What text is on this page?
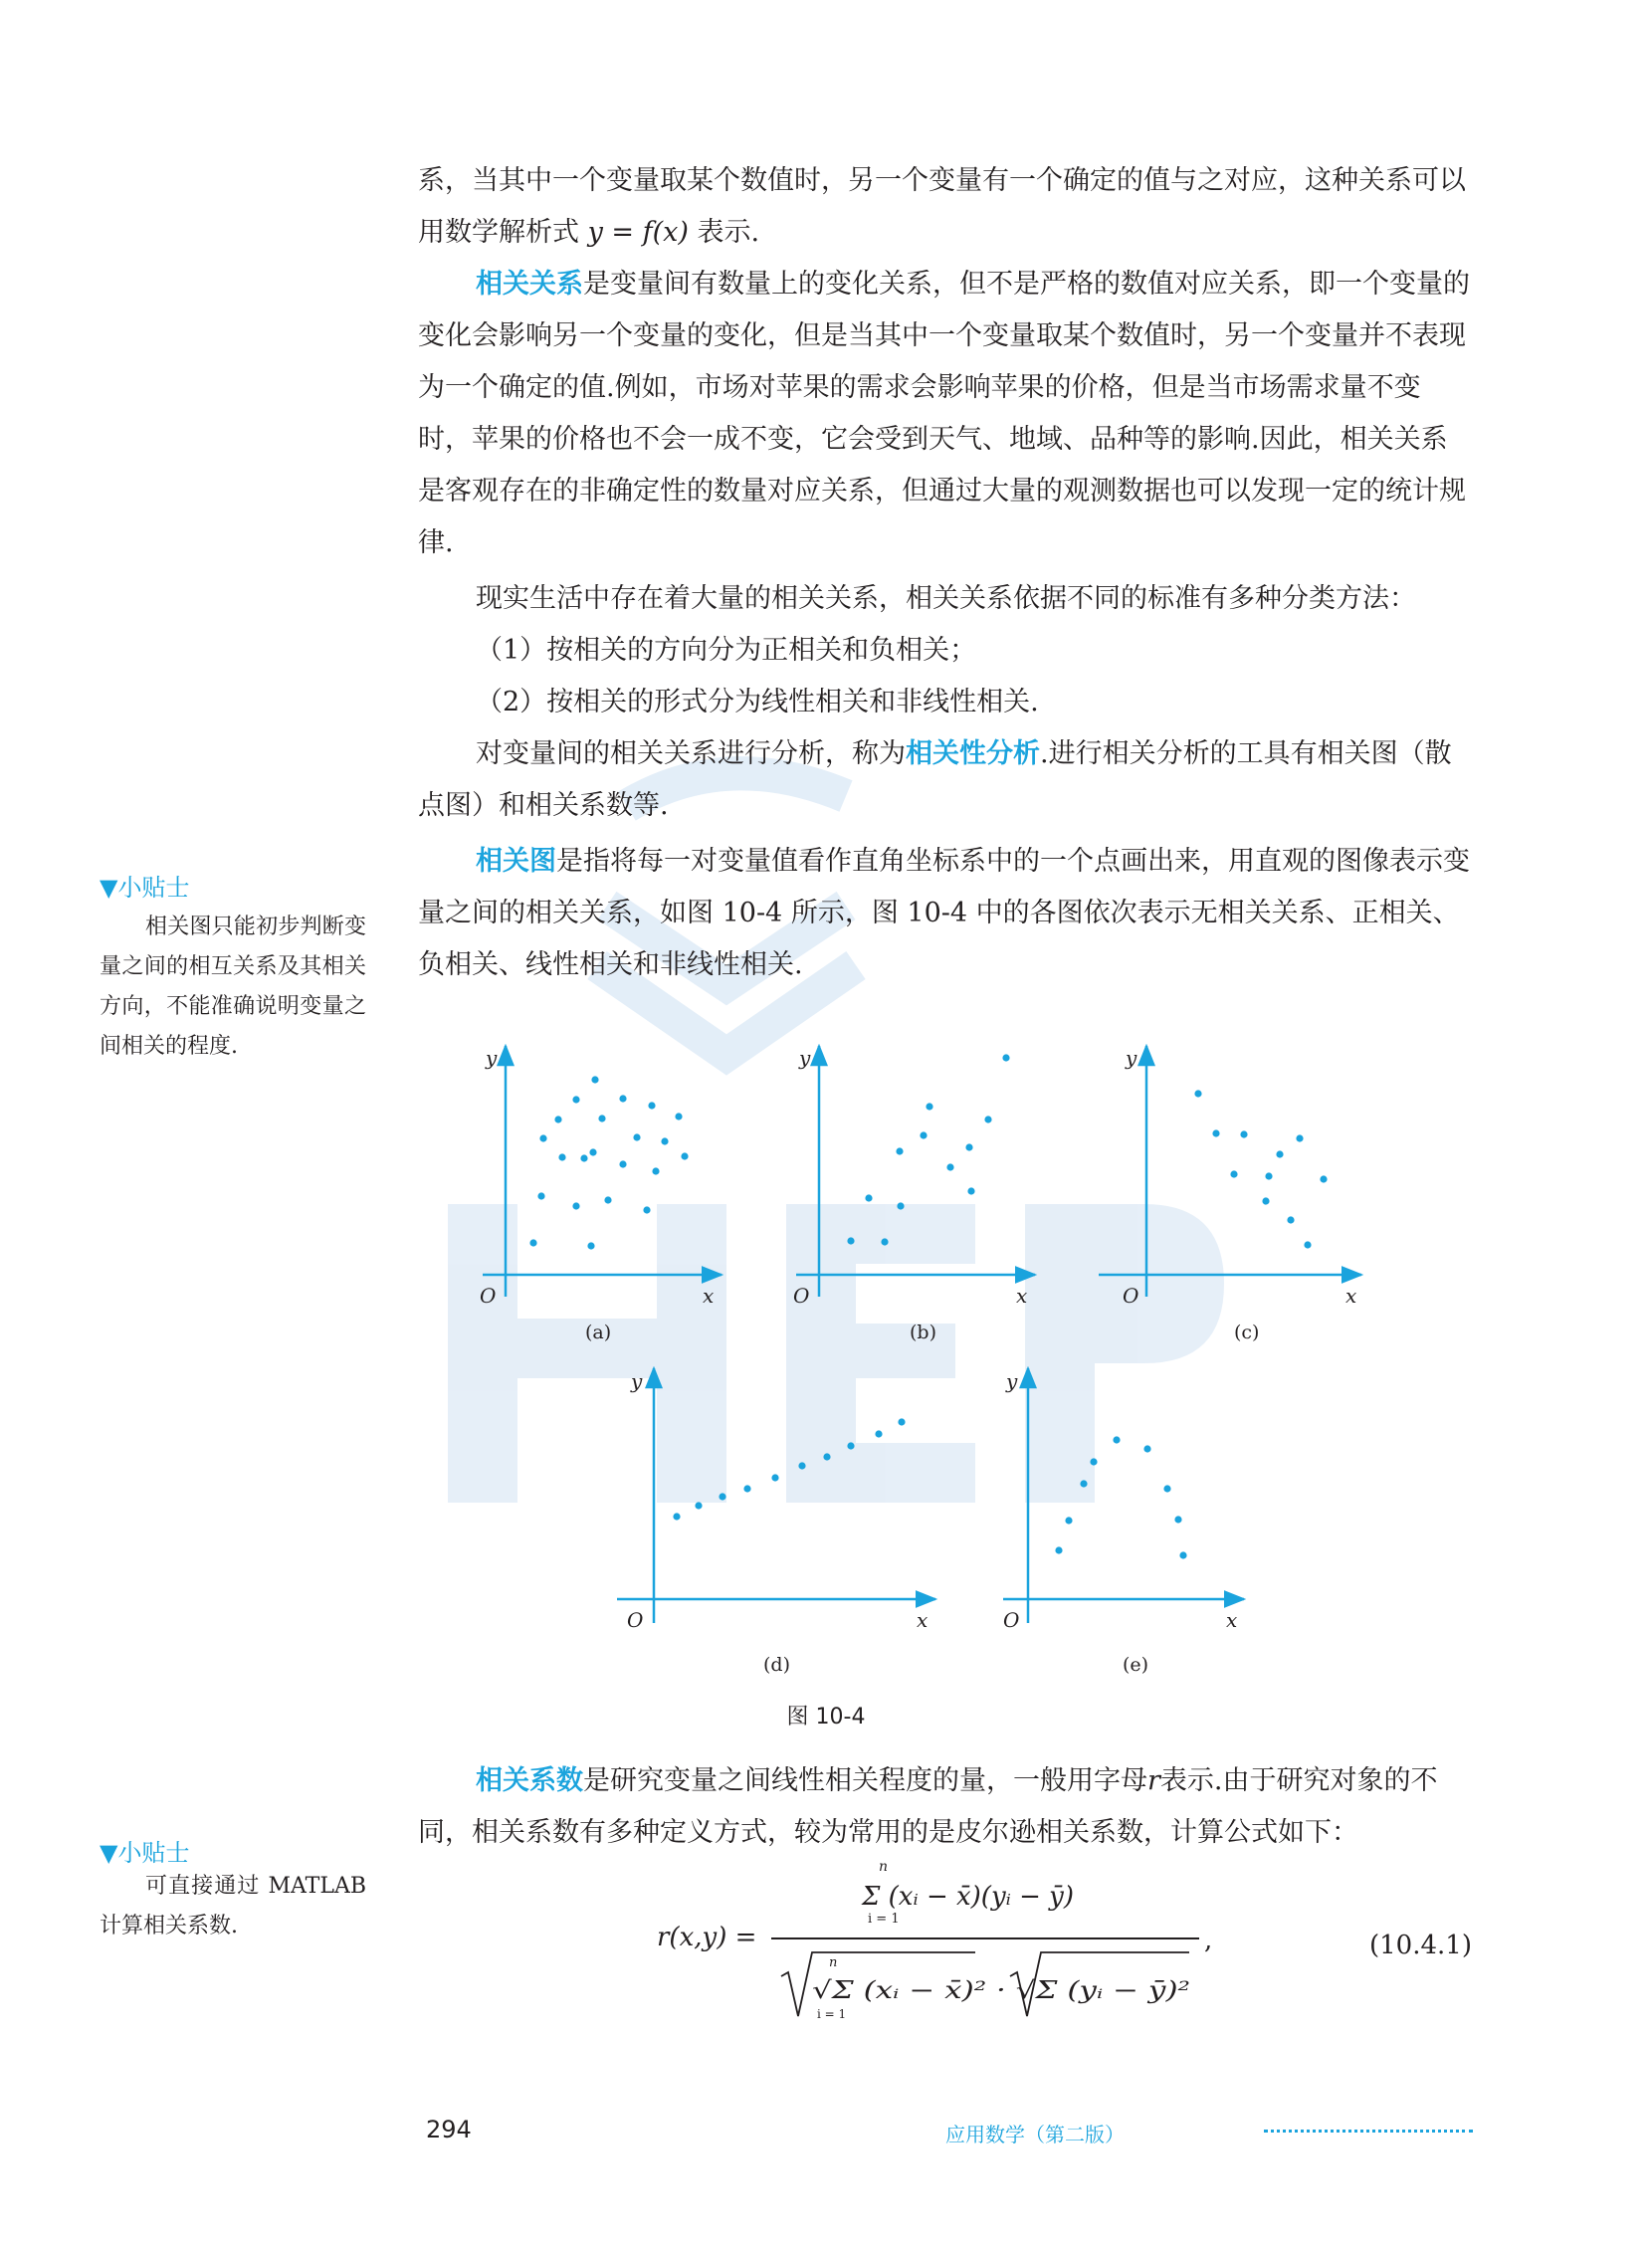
系，当其中一个变量取某个数值时，另一个变量有一个确定的值与之对应，这种关系可以用数学解析式 y = f(x) 表示.

相关关系是变量间有数量上的变化关系，但不是严格的数值对应关系，即一个变量的变化会影响另一个变量的变化，但是当其中一个变量取某个数值时，另一个变量并不表现为一个确定的值.例如，市场对苹果的需求会影响苹果的价格，但是当市场需求量不变时，苹果的价格也不会一成不变，它会受到天气、地域、品种等的影响.因此，相关关系是客观存在的非确定性的数量对应关系，但通过大量的观测数据也可以发现一定的统计规律.

现实生活中存在着大量的相关关系，相关关系依据不同的标准有多种分类方法：

（1）按相关的方向分为正相关和负相关；

（2）按相关的形式分为线性相关和非线性相关.

对变量间的相关关系进行分析，称为相关性分析.进行相关分析的工具有相关图（散点图）和相关系数等.

相关图是指将每一对变量值看作直角坐标系中的一个点画出来，用直观的图像表示变量之间的相关关系，如图 10-4 所示，图 10-4 中的各图依次表示无相关关系、正相关、负相关、线性相关和非线性相关.

▼小贴士

相关图只能初步判断变量之间的相互关系及其相关方向，不能准确说明变量之间相关的程度.	y
O	x
(a)
y
O	x
(b)
y
O	x
(c)
y
O	x
(d)
y
O	x
(e)
图 10-4

相关系数是研究变量之间线性相关程度的量，一般用字母r表示.由于研究对象的不同，相关系数有多种定义方式，较为常用的是皮尔逊相关系数，计算公式如下：

▼小贴士

可直接通过 MATLAB 计算相关系数.	r(x,y) =
n
i = 1
Σ (xᵢ − x̄)(yᵢ − ȳ)
,
n
i = 1
√Σ (xᵢ − x̄)² · √Σ (yᵢ − ȳ)²
(10.4.1)
294	应用数学（第二版）
